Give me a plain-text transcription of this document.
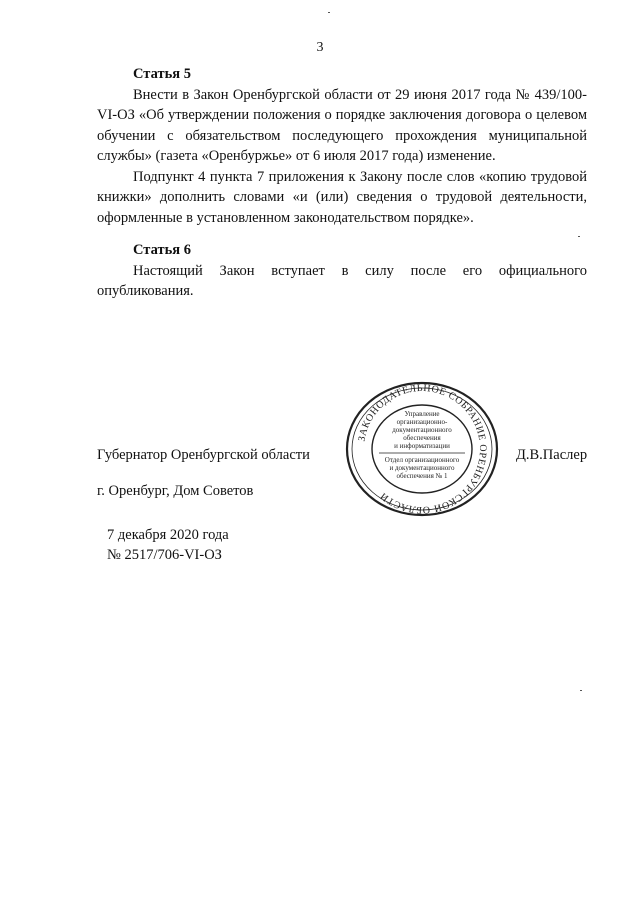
3
Статья 5

Внести в Закон Оренбургской области от 29 июня 2017 года № 439/100-VI-ОЗ «Об утверждении положения о порядке заключения договора о целевом обучении с обязательством последующего прохождения муниципальной службы» (газета «Оренбуржье» от 6 июля 2017 года) изменение.

Подпункт 4 пункта 7 приложения к Закону после слов «копию трудовой книжки» дополнить словами «и (или) сведения о трудовой деятельности, оформленные в установленном законодательством порядке».

Статья 6

Настоящий Закон вступает в силу после его официального опубликования.

Губернатор Оренбургской области	Д.В.Паслер
г. Оренбург, Дом Советов
7 декабря 2020 года
№ 2517/706-VI-ОЗ
ЗАКОНОДАТЕЛЬНОЕ СОБРАНИЕ ОРЕНБУРГСКОЙ ОБЛАСТИ
Управление
организационно-
документационного
обеспечения
и информатизации
Отдел организационного
и документационного
обеспечения № 1
